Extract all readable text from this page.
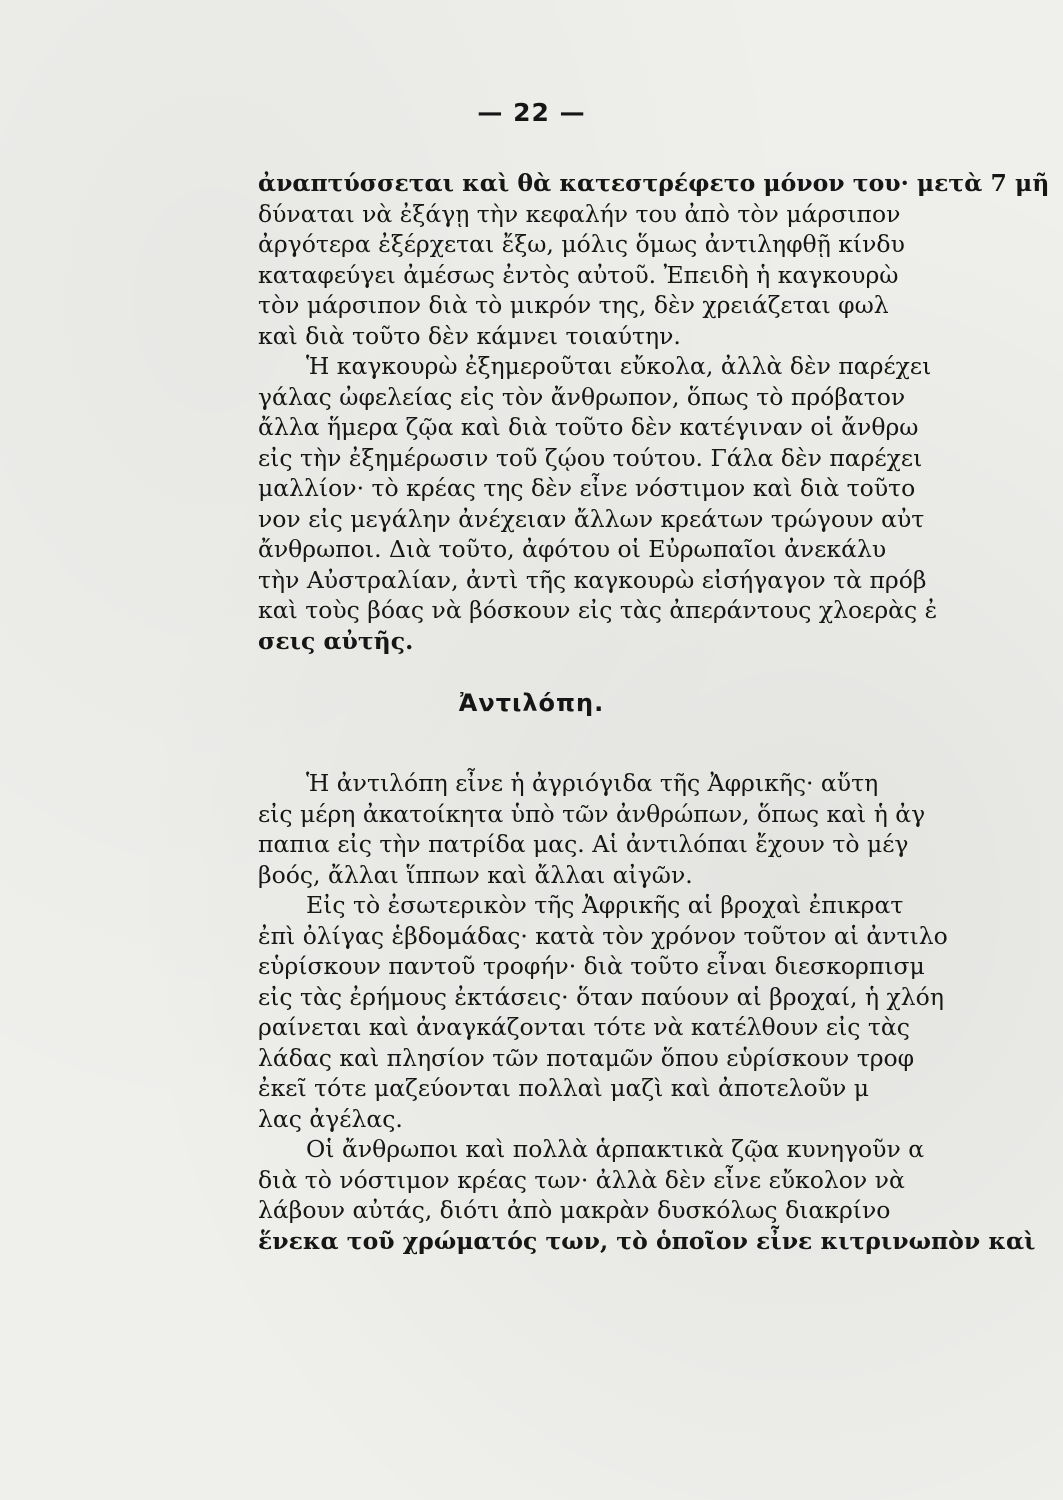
— 22 —
ἀναπτύσσεται καὶ θὰ κατεστρέφετο μόνον του· μετὰ 7 μῆ
δύναται νὰ ἐξάγῃ τὴν κεφαλήν του ἀπὸ τὸν μάρσιπον
ἀργότερα ἐξέρχεται ἔξω, μόλις ὅμως ἀντιληφθῇ κίνδυ
καταφεύγει ἀμέσως ἐντὸς αὐτοῦ. Ἐπειδὴ ἡ καγκουρὼ
τὸν μάρσιπον διὰ τὸ μικρόν της, δὲν χρειάζεται φωλ
καὶ διὰ τοῦτο δὲν κάμνει τοιαύτην.
Ἡ καγκουρὼ ἐξημεροῦται εὔκολα, ἀλλὰ δὲν παρέχει
γάλας ὠφελείας εἰς τὸν ἄνθρωπον, ὅπως τὸ πρόβατον
ἄλλα ἥμερα ζῷα καὶ διὰ τοῦτο δὲν κατέγιναν οἱ ἄνθρω
εἰς τὴν ἐξημέρωσιν τοῦ ζῴου τούτου. Γάλα δὲν παρέχει
μαλλίον· τὸ κρέας της δὲν εἶνε νόστιμον καὶ διὰ τοῦτο
νον εἰς μεγάλην ἀνέχειαν ἄλλων κρεάτων τρώγουν αὐτ
ἄνθρωποι. Διὰ τοῦτο, ἀφότου οἱ Εὐρωπαῖοι ἀνεκάλυ
τὴν Αὐστραλίαν, ἀντὶ τῆς καγκουρὼ εἰσήγαγον τὰ πρόβ
καὶ τοὺς βόας νὰ βόσκουν εἰς τὰς ἀπεράντους χλοερὰς ἐ
σεις αὐτῆς.
Ἀντιλόπη.
Ἡ ἀντιλόπη εἶνε ἡ ἀγριόγιδα τῆς Ἀφρικῆς· αὕτη
εἰς μέρη ἀκατοίκητα ὑπὸ τῶν ἀνθρώπων, ὅπως καὶ ἡ ἀγ
παπια εἰς τὴν πατρίδα μας. Αἱ ἀντιλόπαι ἔχουν τὸ μέγ
βοός, ἄλλαι ἵππων καὶ ἄλλαι αἰγῶν.
Εἰς τὸ ἐσωτερικὸν τῆς Ἀφρικῆς αἱ βροχαὶ ἐπικρατ
ἐπὶ ὀλίγας ἑβδομάδας· κατὰ τὸν χρόνον τοῦτον αἱ ἀντιλο
εὑρίσκουν παντοῦ τροφήν· διὰ τοῦτο εἶναι διεσκορπισμ
εἰς τὰς ἐρήμους ἐκτάσεις· ὅταν παύουν αἱ βροχαί, ἡ χλόη
ραίνεται καὶ ἀναγκάζονται τότε νὰ κατέλθουν εἰς τὰς
λάδας καὶ πλησίον τῶν ποταμῶν ὅπου εὑρίσκουν τροφ
ἐκεῖ τότε μαζεύονται πολλαὶ μαζὶ καὶ ἀποτελοῦν μ
λας ἀγέλας.
Οἱ ἄνθρωποι καὶ πολλὰ ἁρπακτικὰ ζῷα κυνηγοῦν α
διὰ τὸ νόστιμον κρέας των· ἀλλὰ δὲν εἶνε εὔκολον νὰ
λάβουν αὐτάς, διότι ἀπὸ μακρὰν δυσκόλως διακρίνο
ἕνεκα τοῦ χρώματός των, τὸ ὁποῖον εἶνε κιτρινωπὸν καὶ
